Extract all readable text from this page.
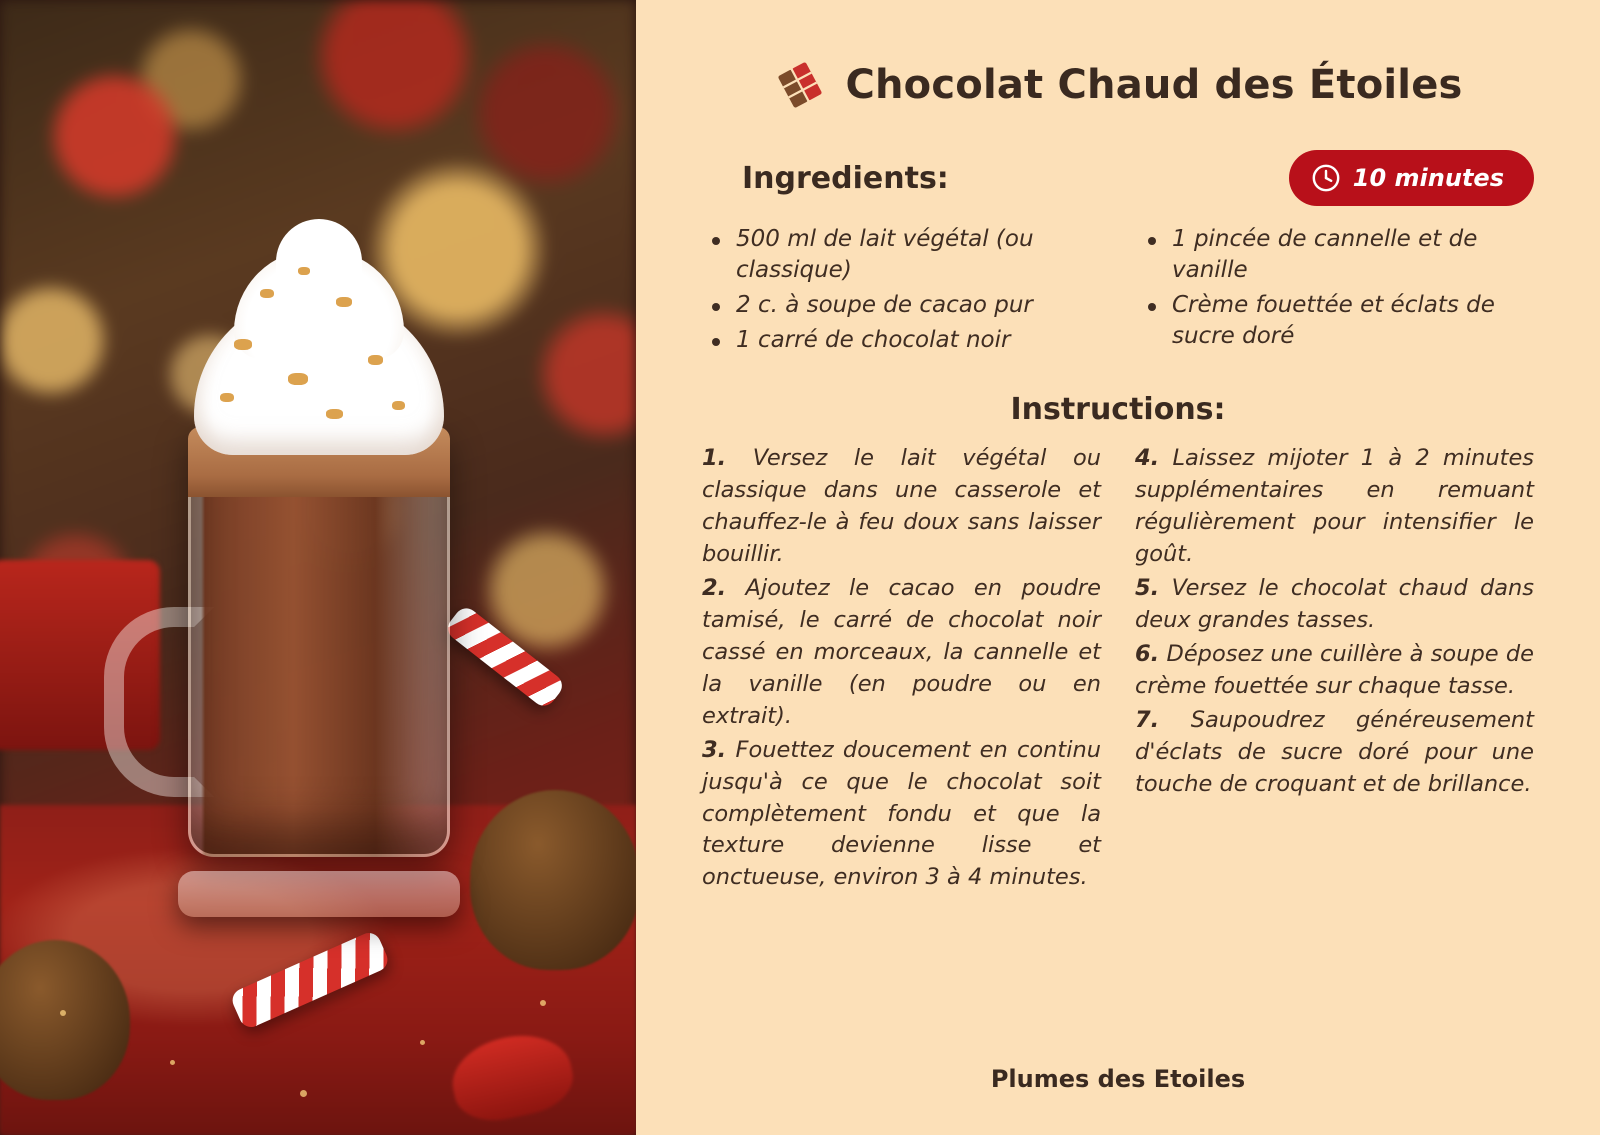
Chocolat Chaud des Étoiles
Ingredients:	10 minutes
500 ml de lait végétal (ou classique)
2 c. à soupe de cacao pur
1 carré de chocolat noir
1 pincée de cannelle et de vanille
Crème fouettée et éclats de sucre doré
Instructions:

1. Versez le lait végétal ou classique dans une casserole et chauffez-le à feu doux sans laisser bouillir.

2. Ajoutez le cacao en poudre tamisé, le carré de chocolat noir cassé en morceaux, la cannelle et la vanille (en poudre ou en extrait).

3. Fouettez doucement en continu jusqu'à ce que le chocolat soit complètement fondu et que la texture devienne lisse et onctueuse, environ 3 à 4 minutes.

4. Laissez mijoter 1 à 2 minutes supplémentaires en remuant régulièrement pour intensifier le goût.

5. Versez le chocolat chaud dans deux grandes tasses.

6. Déposez une cuillère à soupe de crème fouettée sur chaque tasse.

7. Saupoudrez généreusement d'éclats de sucre doré pour une touche de croquant et de brillance.

Plumes des Etoiles
